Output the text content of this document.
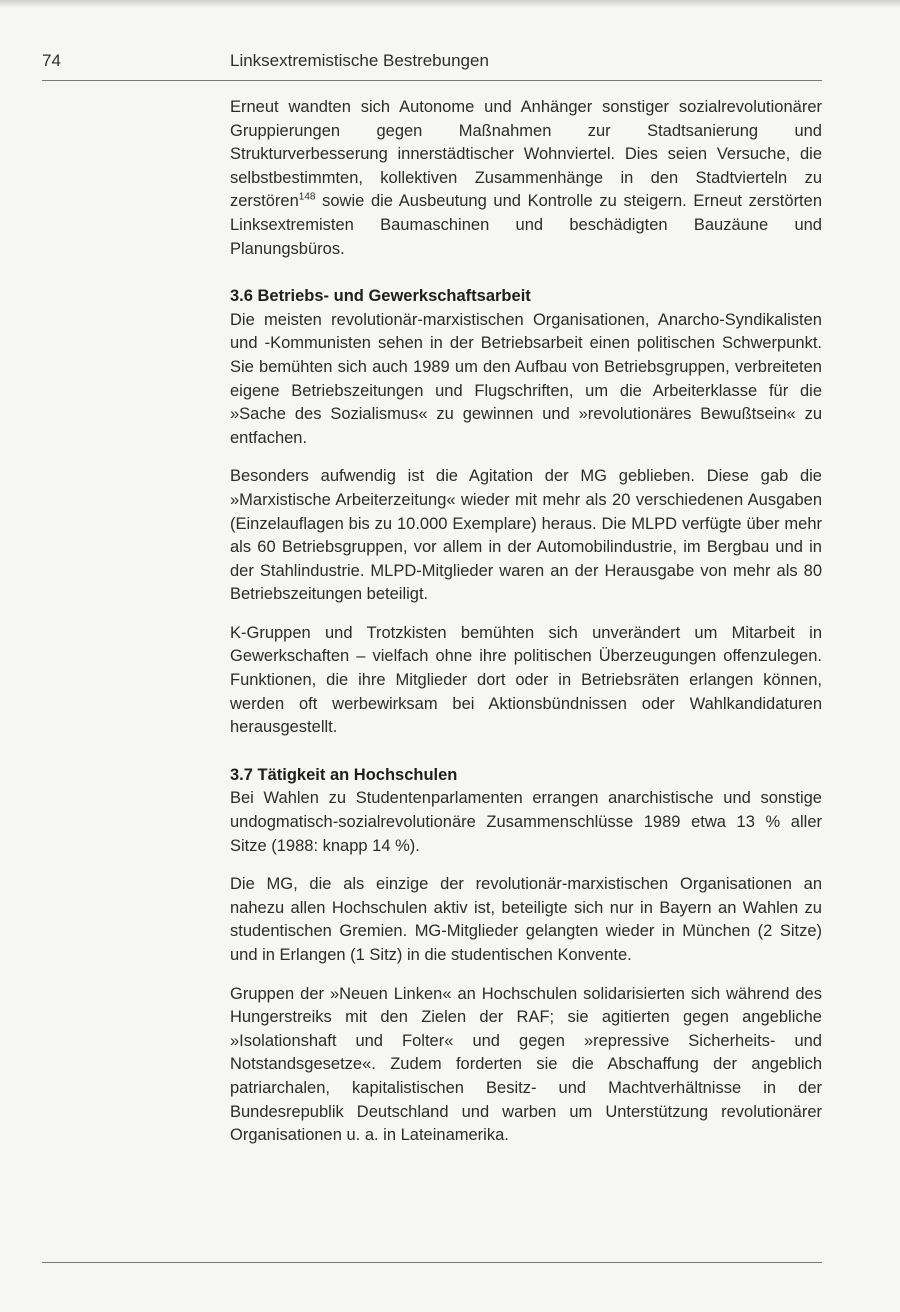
74	Linksextremistische Bestrebungen

Erneut wandten sich Autonome und Anhänger sonstiger sozialrevolutionärer Gruppierungen gegen Maßnahmen zur Stadtsanierung und Strukturverbesserung innerstädtischer Wohnviertel. Dies seien Versuche, die selbstbestimmten, kollektiven Zusammenhänge in den Stadtvierteln zu zerstören$^{148}$ sowie die Ausbeutung und Kontrolle zu steigern. Erneut zerstörten Linksextremisten Baumaschinen und beschädigten Bauzäune und Planungsbüros.

3.6 Betriebs- und Gewerkschaftsarbeit

Die meisten revolutionär-marxistischen Organisationen, Anarcho-Syndikalisten und -Kommunisten sehen in der Betriebsarbeit einen politischen Schwerpunkt. Sie bemühten sich auch 1989 um den Aufbau von Betriebsgruppen, verbreiteten eigene Betriebszeitungen und Flugschriften, um die Arbeiterklasse für die »Sache des Sozialismus« zu gewinnen und »revolutionäres Bewußtsein« zu entfachen.

Besonders aufwendig ist die Agitation der MG geblieben. Diese gab die »Marxistische Arbeiterzeitung« wieder mit mehr als 20 verschiedenen Ausgaben (Einzelauflagen bis zu 10.000 Exemplare) heraus. Die MLPD verfügte über mehr als 60 Betriebsgruppen, vor allem in der Automobilindustrie, im Bergbau und in der Stahlindustrie. MLPD-Mitglieder waren an der Herausgabe von mehr als 80 Betriebszeitungen beteiligt.

K-Gruppen und Trotzkisten bemühten sich unverändert um Mitarbeit in Gewerkschaften – vielfach ohne ihre politischen Überzeugungen offenzulegen. Funktionen, die ihre Mitglieder dort oder in Betriebsräten erlangen können, werden oft werbewirksam bei Aktionsbündnissen oder Wahlkandidaturen herausgestellt.

3.7 Tätigkeit an Hochschulen

Bei Wahlen zu Studentenparlamenten errangen anarchistische und sonstige undogmatisch-sozialrevolutionäre Zusammenschlüsse 1989 etwa 13 % aller Sitze (1988: knapp 14 %).

Die MG, die als einzige der revolutionär-marxistischen Organisationen an nahezu allen Hochschulen aktiv ist, beteiligte sich nur in Bayern an Wahlen zu studentischen Gremien. MG-Mitglieder gelangten wieder in München (2 Sitze) und in Erlangen (1 Sitz) in die studentischen Konvente.

Gruppen der »Neuen Linken« an Hochschulen solidarisierten sich während des Hungerstreiks mit den Zielen der RAF; sie agitierten gegen angebliche »Isolationshaft und Folter« und gegen »repressive Sicherheits- und Notstandsgesetze«. Zudem forderten sie die Abschaffung der angeblich patriarchalen, kapitalistischen Besitz- und Machtverhältnisse in der Bundesrepublik Deutschland und warben um Unterstützung revolutionärer Organisationen u. a. in Lateinamerika.
